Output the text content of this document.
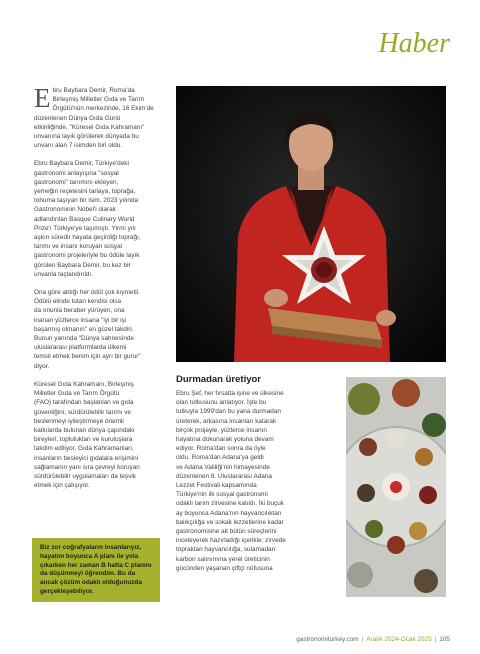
Haber

Ebru Baybara Demir, Roma'da
Birleşmiş Milletler Gıda ve Tarım
Örgütü'nün merkezinde, 16 Ekim'de
düzenlenen Dünya Gıda Günü
etkinliğinde, "Küresel Gıda Kahramanı"
unvanına layık görülerek dünyada bu
unvanı alan 7 isimden biri oldu.

Ebru Baybara Demir, Türkiye'deki
gastronomi anlayışına "sosyal
gastronomi" tanımını ekleyen,
yemeğin reçetesini tarlaya, toprağa,
tohuma taşıyan bir isim. 2023 yılında
Gastronominin Nobel'i olarak
adlandırılan Basque Culinary World
Prize'ı Türkiye'ye taşımıştı. Yirmi yılı
aşkın süredir hayata geçirdiği toprağı,
tarımı ve insanı koruyan sosyal
gastronomi projeleriyle bu ödüle layık
görülen Baybara Demir, bu kez bir
unvanla taçlandırıldı.

Ona göre aldığı her ödül çok kıymetli.
Ödülü elinde tutan kendisi olsa
da onunla beraber yürüyen, ona
inanan yüzlerce insana "iyi bir işi
başarmış olmanın" en güzel takdiri.
Bunun yanında "Dünya sahnesinde
uluslararası platformlarda ülkemi
temsil etmek benim için ayrı bir gurur"
diyor.

Küresel Gıda Kahramanı, Birleşmiş
Milletler Gıda ve Tarım Örgütü
(FAO) tarafından başlatılan ve gıda
güvenliğini, sürdürülebilir tarımı ve
beslenmeyi iyileştirmeye önemli
katkılarda bulunan dünya çapındaki
bireyleri, toplulukları ve kuruluşlara
takdim ediliyor. Gıda Kahramanları,
insanların besleyici gıdalara erişimini
sağlamanın yanı sıra çevreyi koruyan
sürdürülebilir uygulamaları da teşvik
etmek için çalışıyor.

Biz zor coğrafyaların insanlarıyız,
hayatım boyunca A planı ile yola
çıkarken her zaman B hatta C planını
da düşünmeyi öğrendim. Bu da
ancak çözüm odaklı olduğunuzda
gerçekleşebiliyor.
Durmadan üretiyor

Ebru Şef, her fırsatta işine ve ülkesine
olan tutkusunu anlatıyor. İşte bu
tutkuyla 1999'dan bu yana durmadan
üreterek, arkasına insanları katarak
birçok projeyle, yüzlerce insanın
hayatına dokunarak yoluna devam
ediyor. Roma'dan sonra da öyle
oldu. Roma'dan Adana'ya geldi
ve Adana Valiliği'nin himayesinde
düzenlenen 8. Uluslararası Adana
Lezzet Festivali kapsamında
Türkiye'nin ilk sosyal gastronomi
odaklı tarım zirvesine katıldı. İki buçuk
ay boyunca Adana'nın hayvancılıktan
balıkçılığa ve sokak lezzetlerine kadar
gastronomisine ait bütün süreçlerini
inceleyerek hazırladığı içerikle; zirvede
topraktan hayvancılığa, sulamadan
karbon salınımına yerel üreticinin
gücünden yaşanan çiftçi nüfusuna

gastronomiturkey.com | Aralık 2024-Ocak 2025 | 105
